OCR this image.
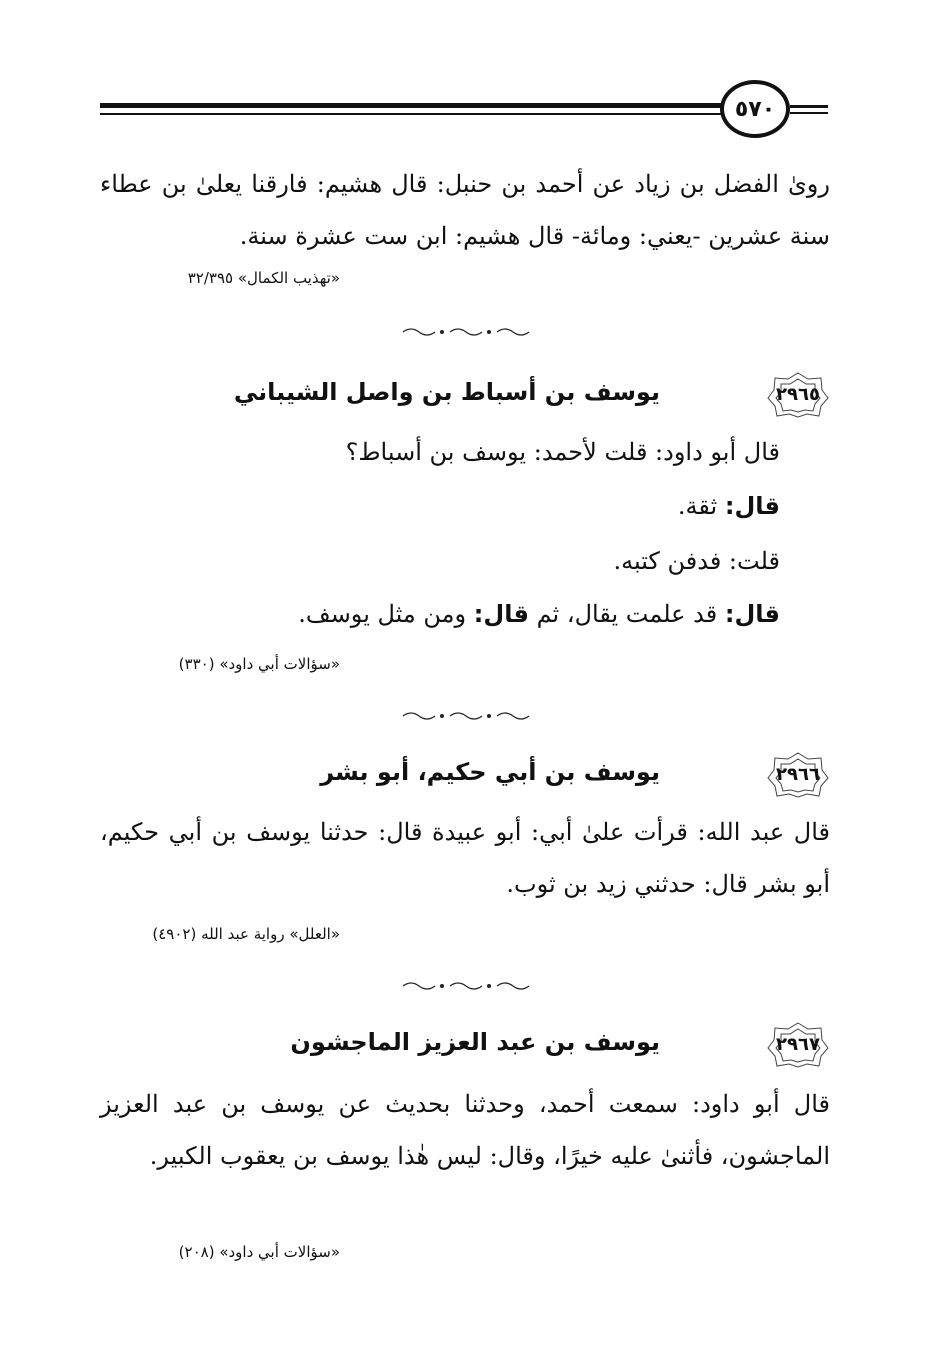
٥٧٠
روىٰ الفضل بن زياد عن أحمد بن حنبل: قال هشيم: فارقنا يعلىٰ بن عطاء سنة عشرين -يعني: ومائة- قال هشيم: ابن ست عشرة سنة.
«تهذيب الكمال» ٣٢/٣٩٥
٢٩٦٥
يوسف بن أسباط بن واصل الشيباني
قال أبو داود: قلت لأحمد: يوسف بن أسباط؟
قال: ثقة.
قلت: فدفن كتبه.
قال: قد علمت يقال، ثم قال: ومن مثل يوسف.
«سؤالات أبي داود» (٣٣٠)
٢٩٦٦
يوسف بن أبي حكيم، أبو بشر
قال عبد الله: قرأت علىٰ أبي: أبو عبيدة قال: حدثنا يوسف بن أبي حكيم، أبو بشر قال: حدثني زيد بن ثوب.
«العلل» رواية عبد الله (٤٩٠٢)
٢٩٦٧
يوسف بن عبد العزيز الماجشون
قال أبو داود: سمعت أحمد، وحدثنا بحديث عن يوسف بن عبد العزيز الماجشون، فأثنىٰ عليه خيرًا، وقال: ليس هٰذا يوسف بن يعقوب الكبير.
«سؤالات أبي داود» (٢٠٨)
